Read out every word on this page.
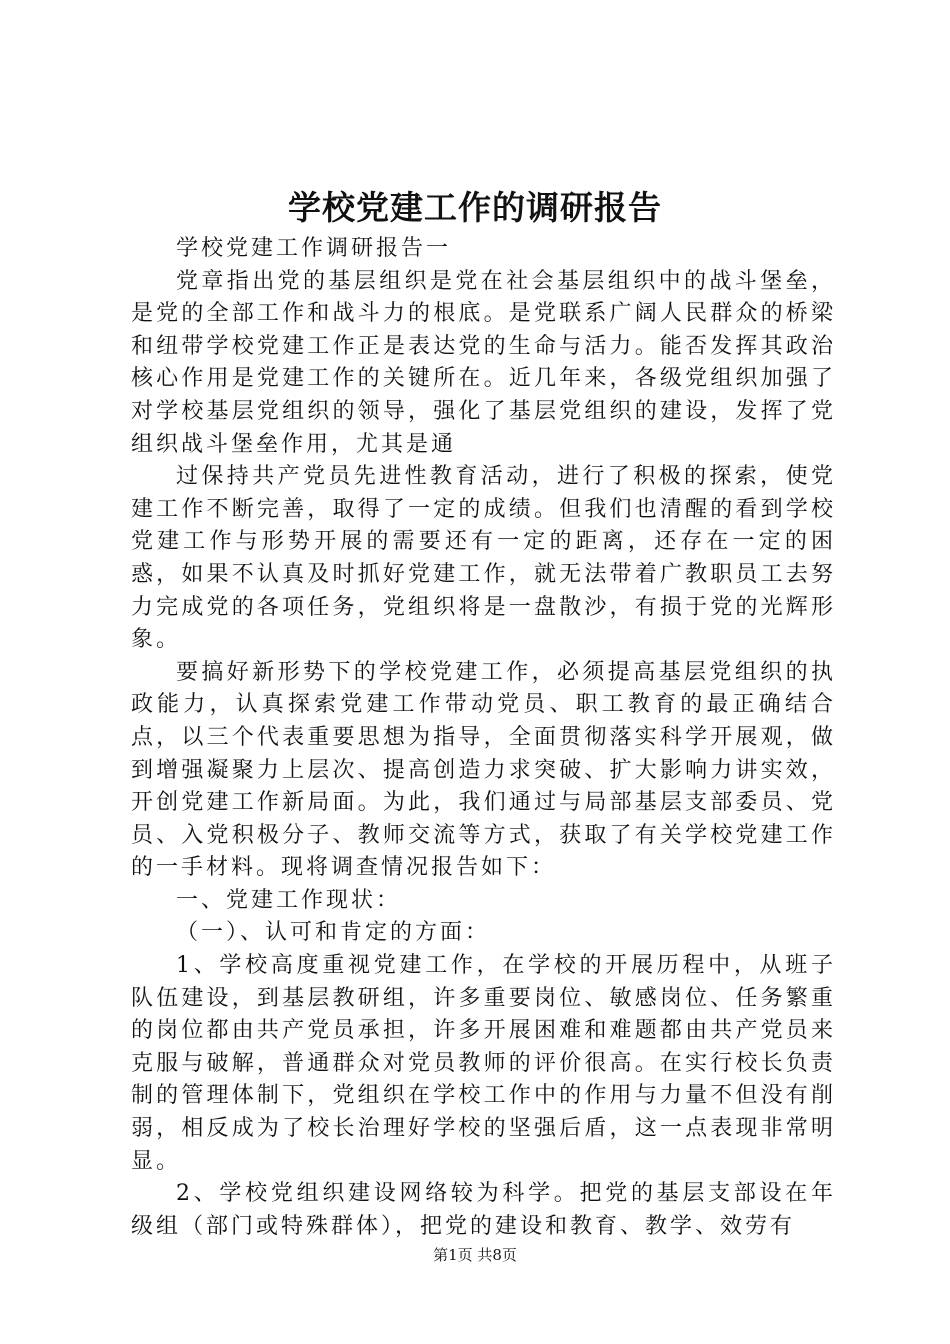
学校党建工作的调研报告

学校党建工作调研报告一

党章指出党的基层组织是党在社会基层组织中的战斗堡垒，是党的全部工作和战斗力的根底。是党联系广阔人民群众的桥梁和纽带学校党建工作正是表达党的生命与活力。能否发挥其政治核心作用是党建工作的关键所在。近几年来，各级党组织加强了对学校基层党组织的领导，强化了基层党组织的建设，发挥了党组织战斗堡垒作用，尤其是通

过保持共产党员先进性教育活动，进行了积极的探索，使党建工作不断完善，取得了一定的成绩。但我们也清醒的看到学校党建工作与形势开展的需要还有一定的距离，还存在一定的困惑，如果不认真及时抓好党建工作，就无法带着广教职员工去努力完成党的各项任务，党组织将是一盘散沙，有损于党的光辉形象。

要搞好新形势下的学校党建工作，必须提高基层党组织的执政能力，认真探索党建工作带动党员、职工教育的最正确结合点，以三个代表重要思想为指导，全面贯彻落实科学开展观，做到增强凝聚力上层次、提高创造力求突破、扩大影响力讲实效，开创党建工作新局面。为此，我们通过与局部基层支部委员、党员、入党积极分子、教师交流等方式，获取了有关学校党建工作的一手材料。现将调查情况报告如下：

一、党建工作现状：

（一）、认可和肯定的方面：

1、学校高度重视党建工作，在学校的开展历程中，从班子队伍建设，到基层教研组，许多重要岗位、敏感岗位、任务繁重的岗位都由共产党员承担，许多开展困难和难题都由共产党员来克服与破解，普通群众对党员教师的评价很高。在实行校长负责制的管理体制下，党组织在学校工作中的作用与力量不但没有削弱，相反成为了校长治理好学校的坚强后盾，这一点表现非常明显。

2、学校党组织建设网络较为科学。把党的基层支部设在年级组（部门或特殊群体），把党的建设和教育、教学、效劳有

第1页 共8页
